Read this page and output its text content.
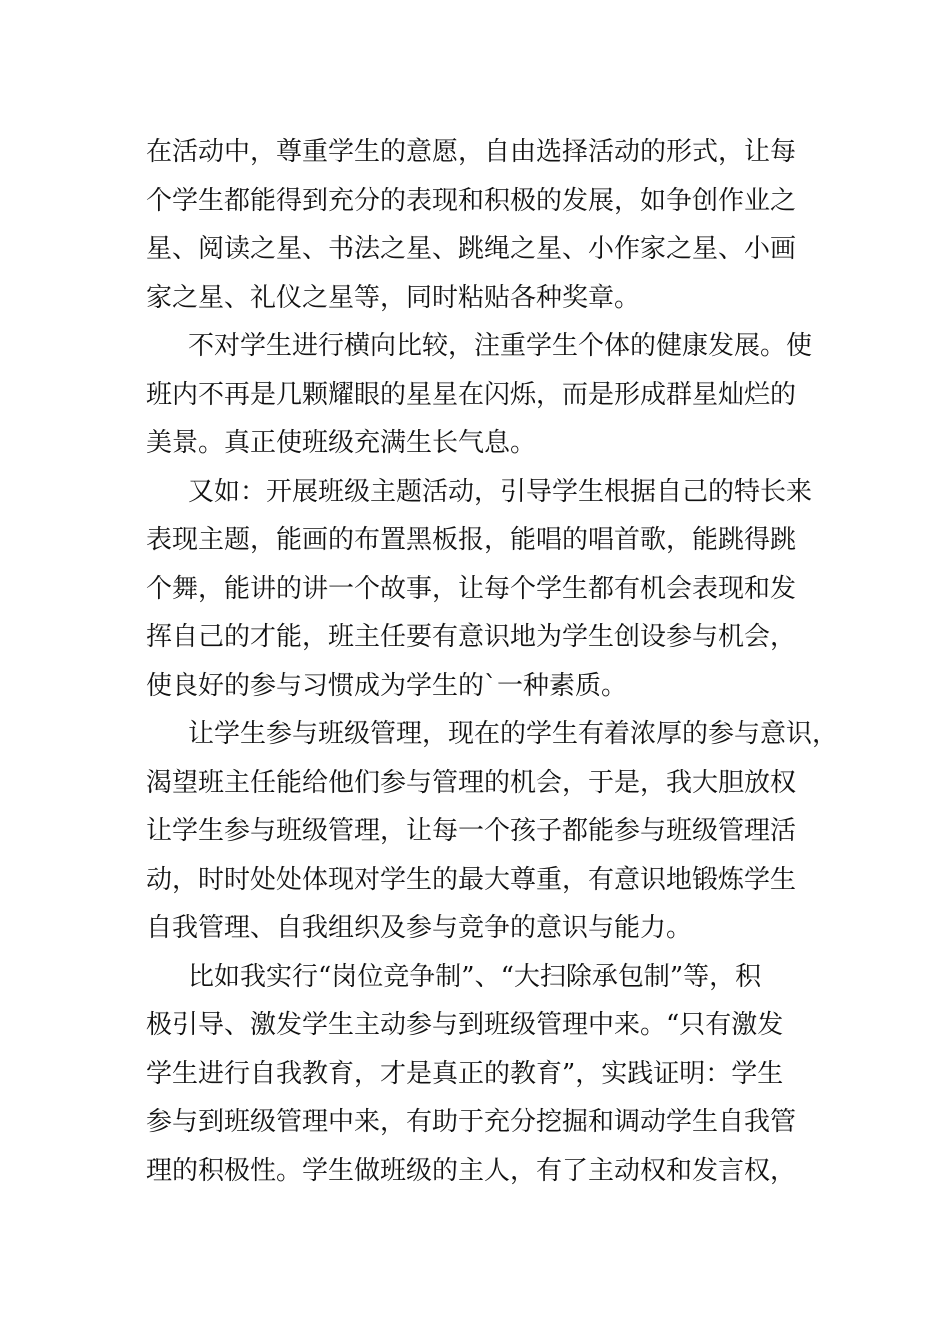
在活动中，尊重学生的意愿，自由选择活动的形式，让每
个学生都能得到充分的表现和积极的发展，如争创作业之
星、阅读之星、书法之星、跳绳之星、小作家之星、小画
家之星、礼仪之星等，同时粘贴各种奖章。
不对学生进行横向比较，注重学生个体的健康发展。使
班内不再是几颗耀眼的星星在闪烁，而是形成群星灿烂的
美景。真正使班级充满生长气息。
又如：开展班级主题活动，引导学生根据自己的特长来
表现主题，能画的布置黑板报，能唱的唱首歌，能跳得跳
个舞，能讲的讲一个故事，让每个学生都有机会表现和发
挥自己的才能，班主任要有意识地为学生创设参与机会，
使良好的参与习惯成为学生的`一种素质。
让学生参与班级管理，现在的学生有着浓厚的参与意识，
渴望班主任能给他们参与管理的机会，于是，我大胆放权
让学生参与班级管理，让每一个孩子都能参与班级管理活
动，时时处处体现对学生的最大尊重，有意识地锻炼学生
自我管理、自我组织及参与竞争的意识与能力。
比如我实行“岗位竞争制”、“大扫除承包制”等，积
极引导、激发学生主动参与到班级管理中来。“只有激发
学生进行自我教育，才是真正的教育”，实践证明：学生
参与到班级管理中来，有助于充分挖掘和调动学生自我管
理的积极性。学生做班级的主人，有了主动权和发言权，
